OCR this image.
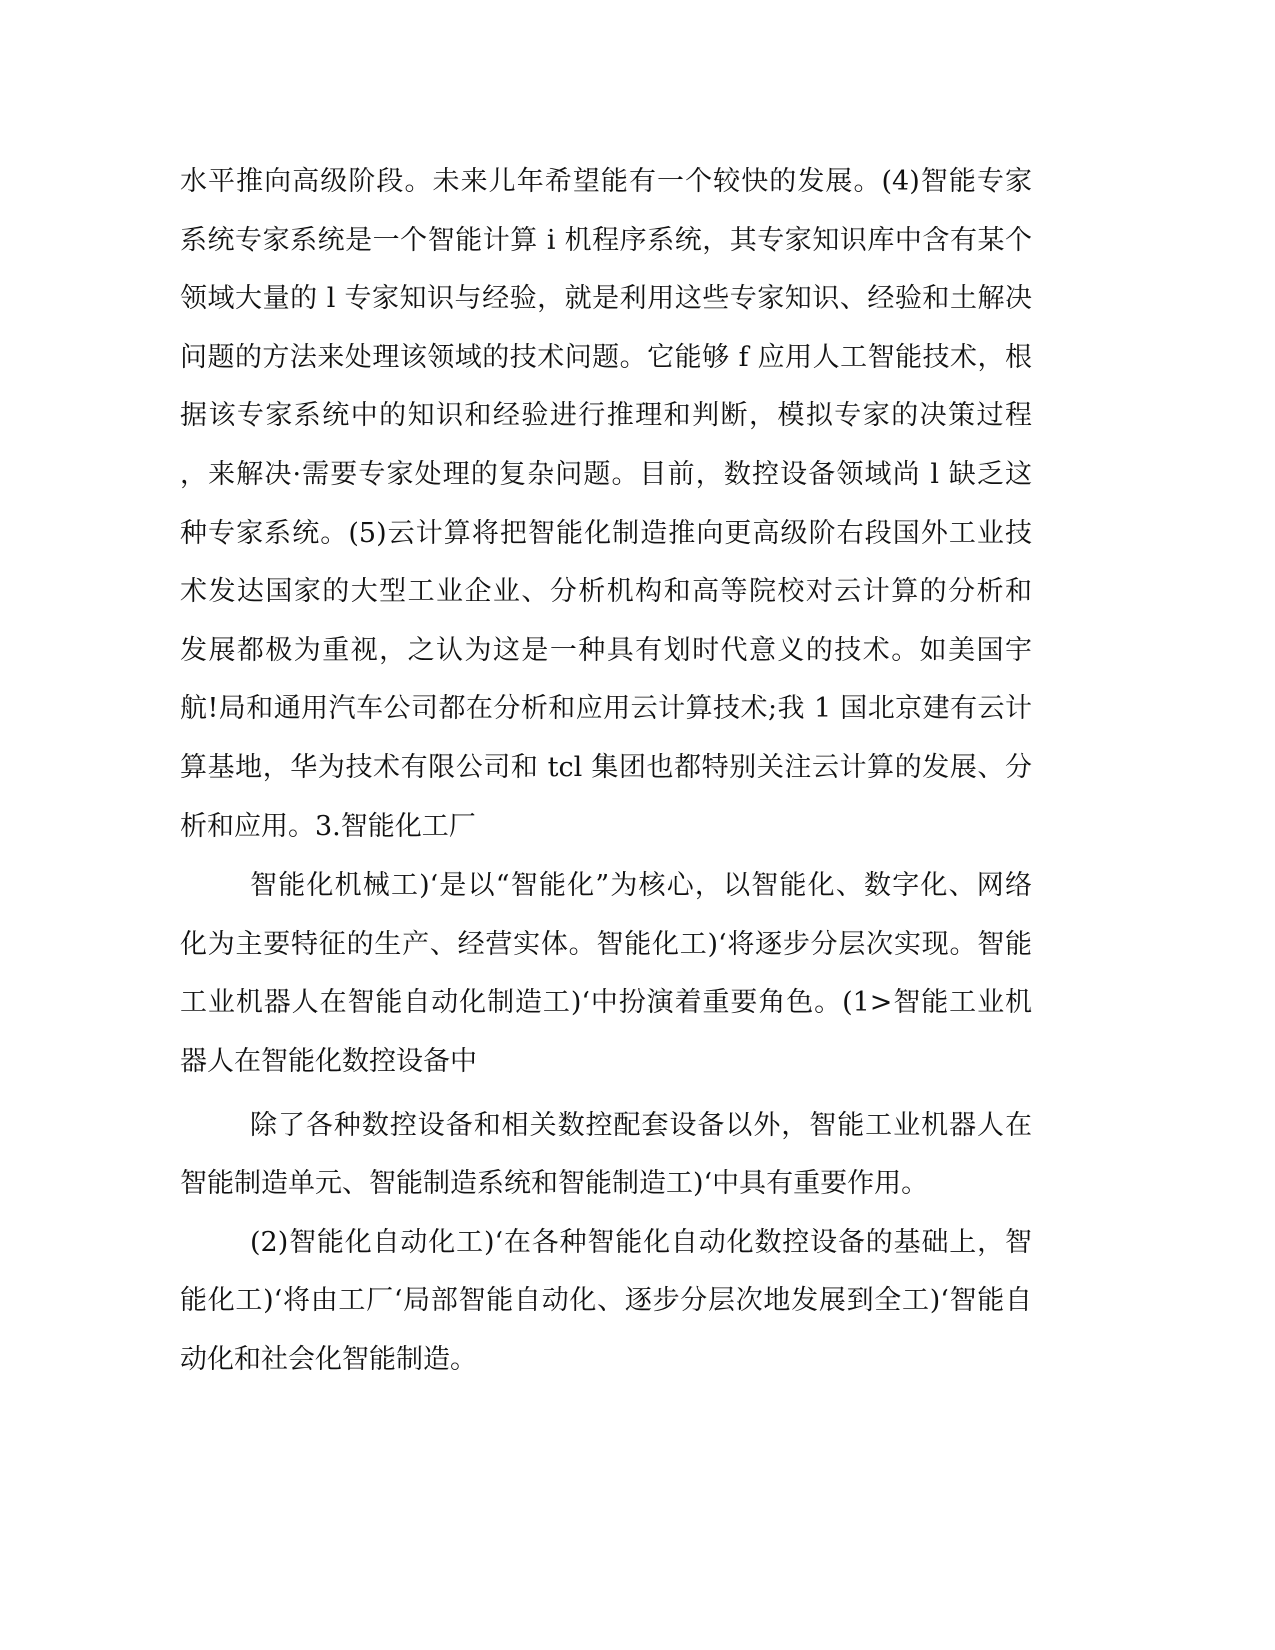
水平推向高级阶段。未来儿年希望能有一个较快的发展。(4)智能专家
系统专家系统是一个智能计算 i 机程序系统，其专家知识库中含有某个
领域大量的 l 专家知识与经验，就是利用这些专家知识、经验和土解决
问题的方法来处理该领域的技术问题。它能够 f 应用人工智能技术，根
据该专家系统中的知识和经验进行推理和判断，模拟专家的决策过程
，来解决·需要专家处理的复杂问题。目前，数控设备领域尚 l 缺乏这
种专家系统。(5)云计算将把智能化制造推向更高级阶右段国外工业技
术发达国家的大型工业企业、分析机构和高等院校对云计算的分析和
发展都极为重视，之认为这是一种具有划时代意义的技术。如美国宇
航!局和通用汽车公司都在分析和应用云计算技术;我 1 国北京建有云计
算基地，华为技术有限公司和 tcl 集团也都特别关注云计算的发展、分
析和应用。3.智能化工厂
智能化机械工)‘是以“智能化”为核心，以智能化、数字化、网络
化为主要特征的生产、经营实体。智能化工)‘将逐步分层次实现。智能
工业机器人在智能自动化制造工)‘中扮演着重要角色。(1>智能工业机
器人在智能化数控设备中
除了各种数控设备和相关数控配套设备以外，智能工业机器人在
智能制造单元、智能制造系统和智能制造工)‘中具有重要作用。
(2)智能化自动化工)‘在各种智能化自动化数控设备的基础上，智
能化工)‘将由工厂‘局部智能自动化、逐步分层次地发展到全工)‘智能自
动化和社会化智能制造。
